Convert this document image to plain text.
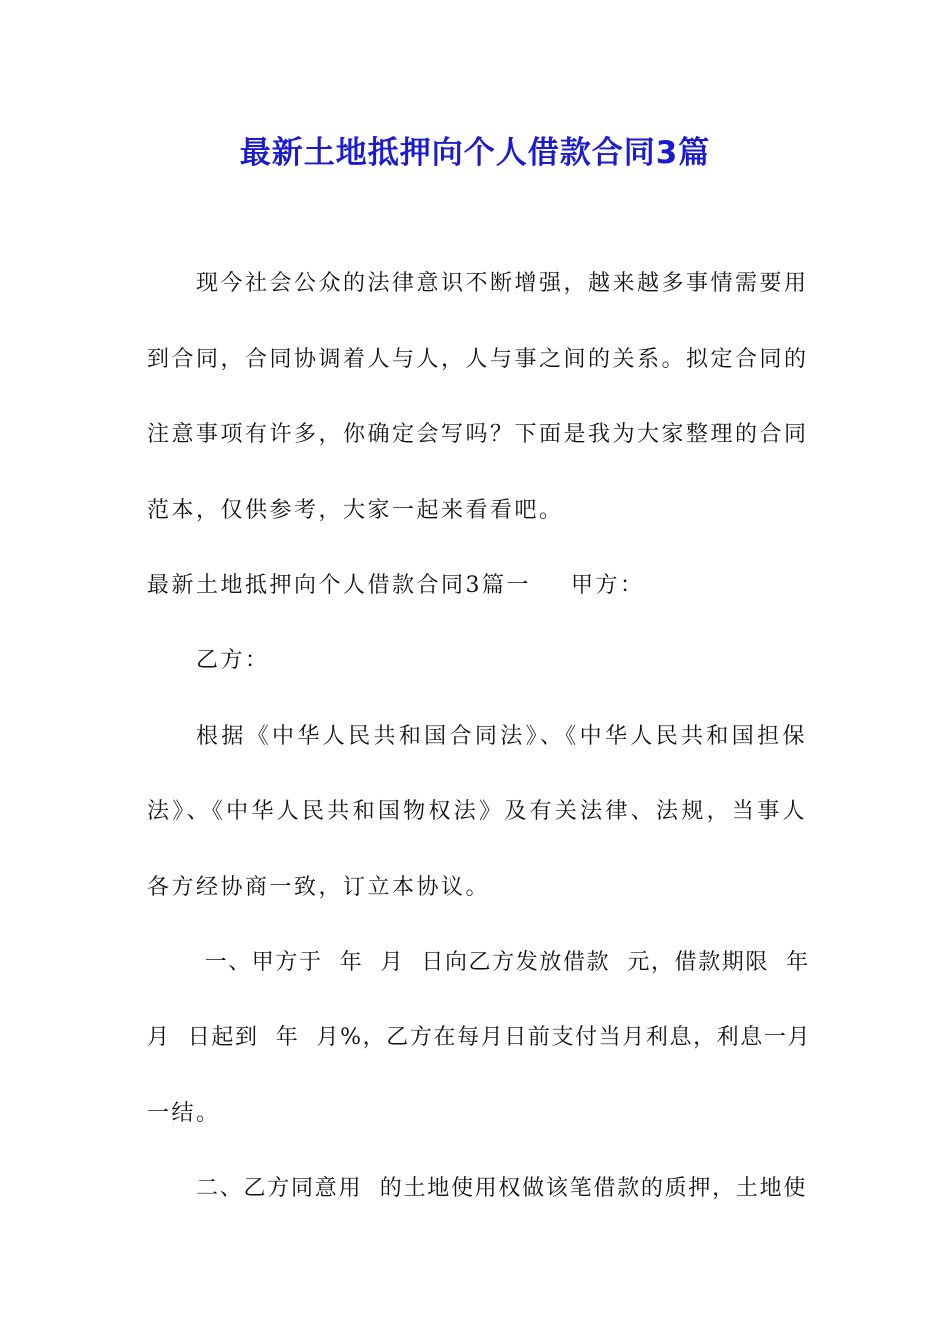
最新土地抵押向个人借款合同3篇
现今社会公众的法律意识不断增强，越来越多事情需要用
到合同，合同协调着人与人，人与事之间的关系。拟定合同的
注意事项有许多，你确定会写吗？下面是我为大家整理的合同
范本，仅供参考，大家一起来看看吧。
最新土地抵押向个人借款合同3篇一 甲方：
乙方：
根据《中华人民共和国合同法》、《中华人民共和国担保
法》、《中华人民共和国物权法》及有关法律、法规，当事人
各方经协商一致，订立本协议。
一、甲方于  年  月  日向乙方发放借款  元，借款期限  年
月  日起到  年  月%，乙方在每月日前支付当月利息，利息一月
一结。
二、乙方同意用  的土地使用权做该笔借款的质押，土地使
